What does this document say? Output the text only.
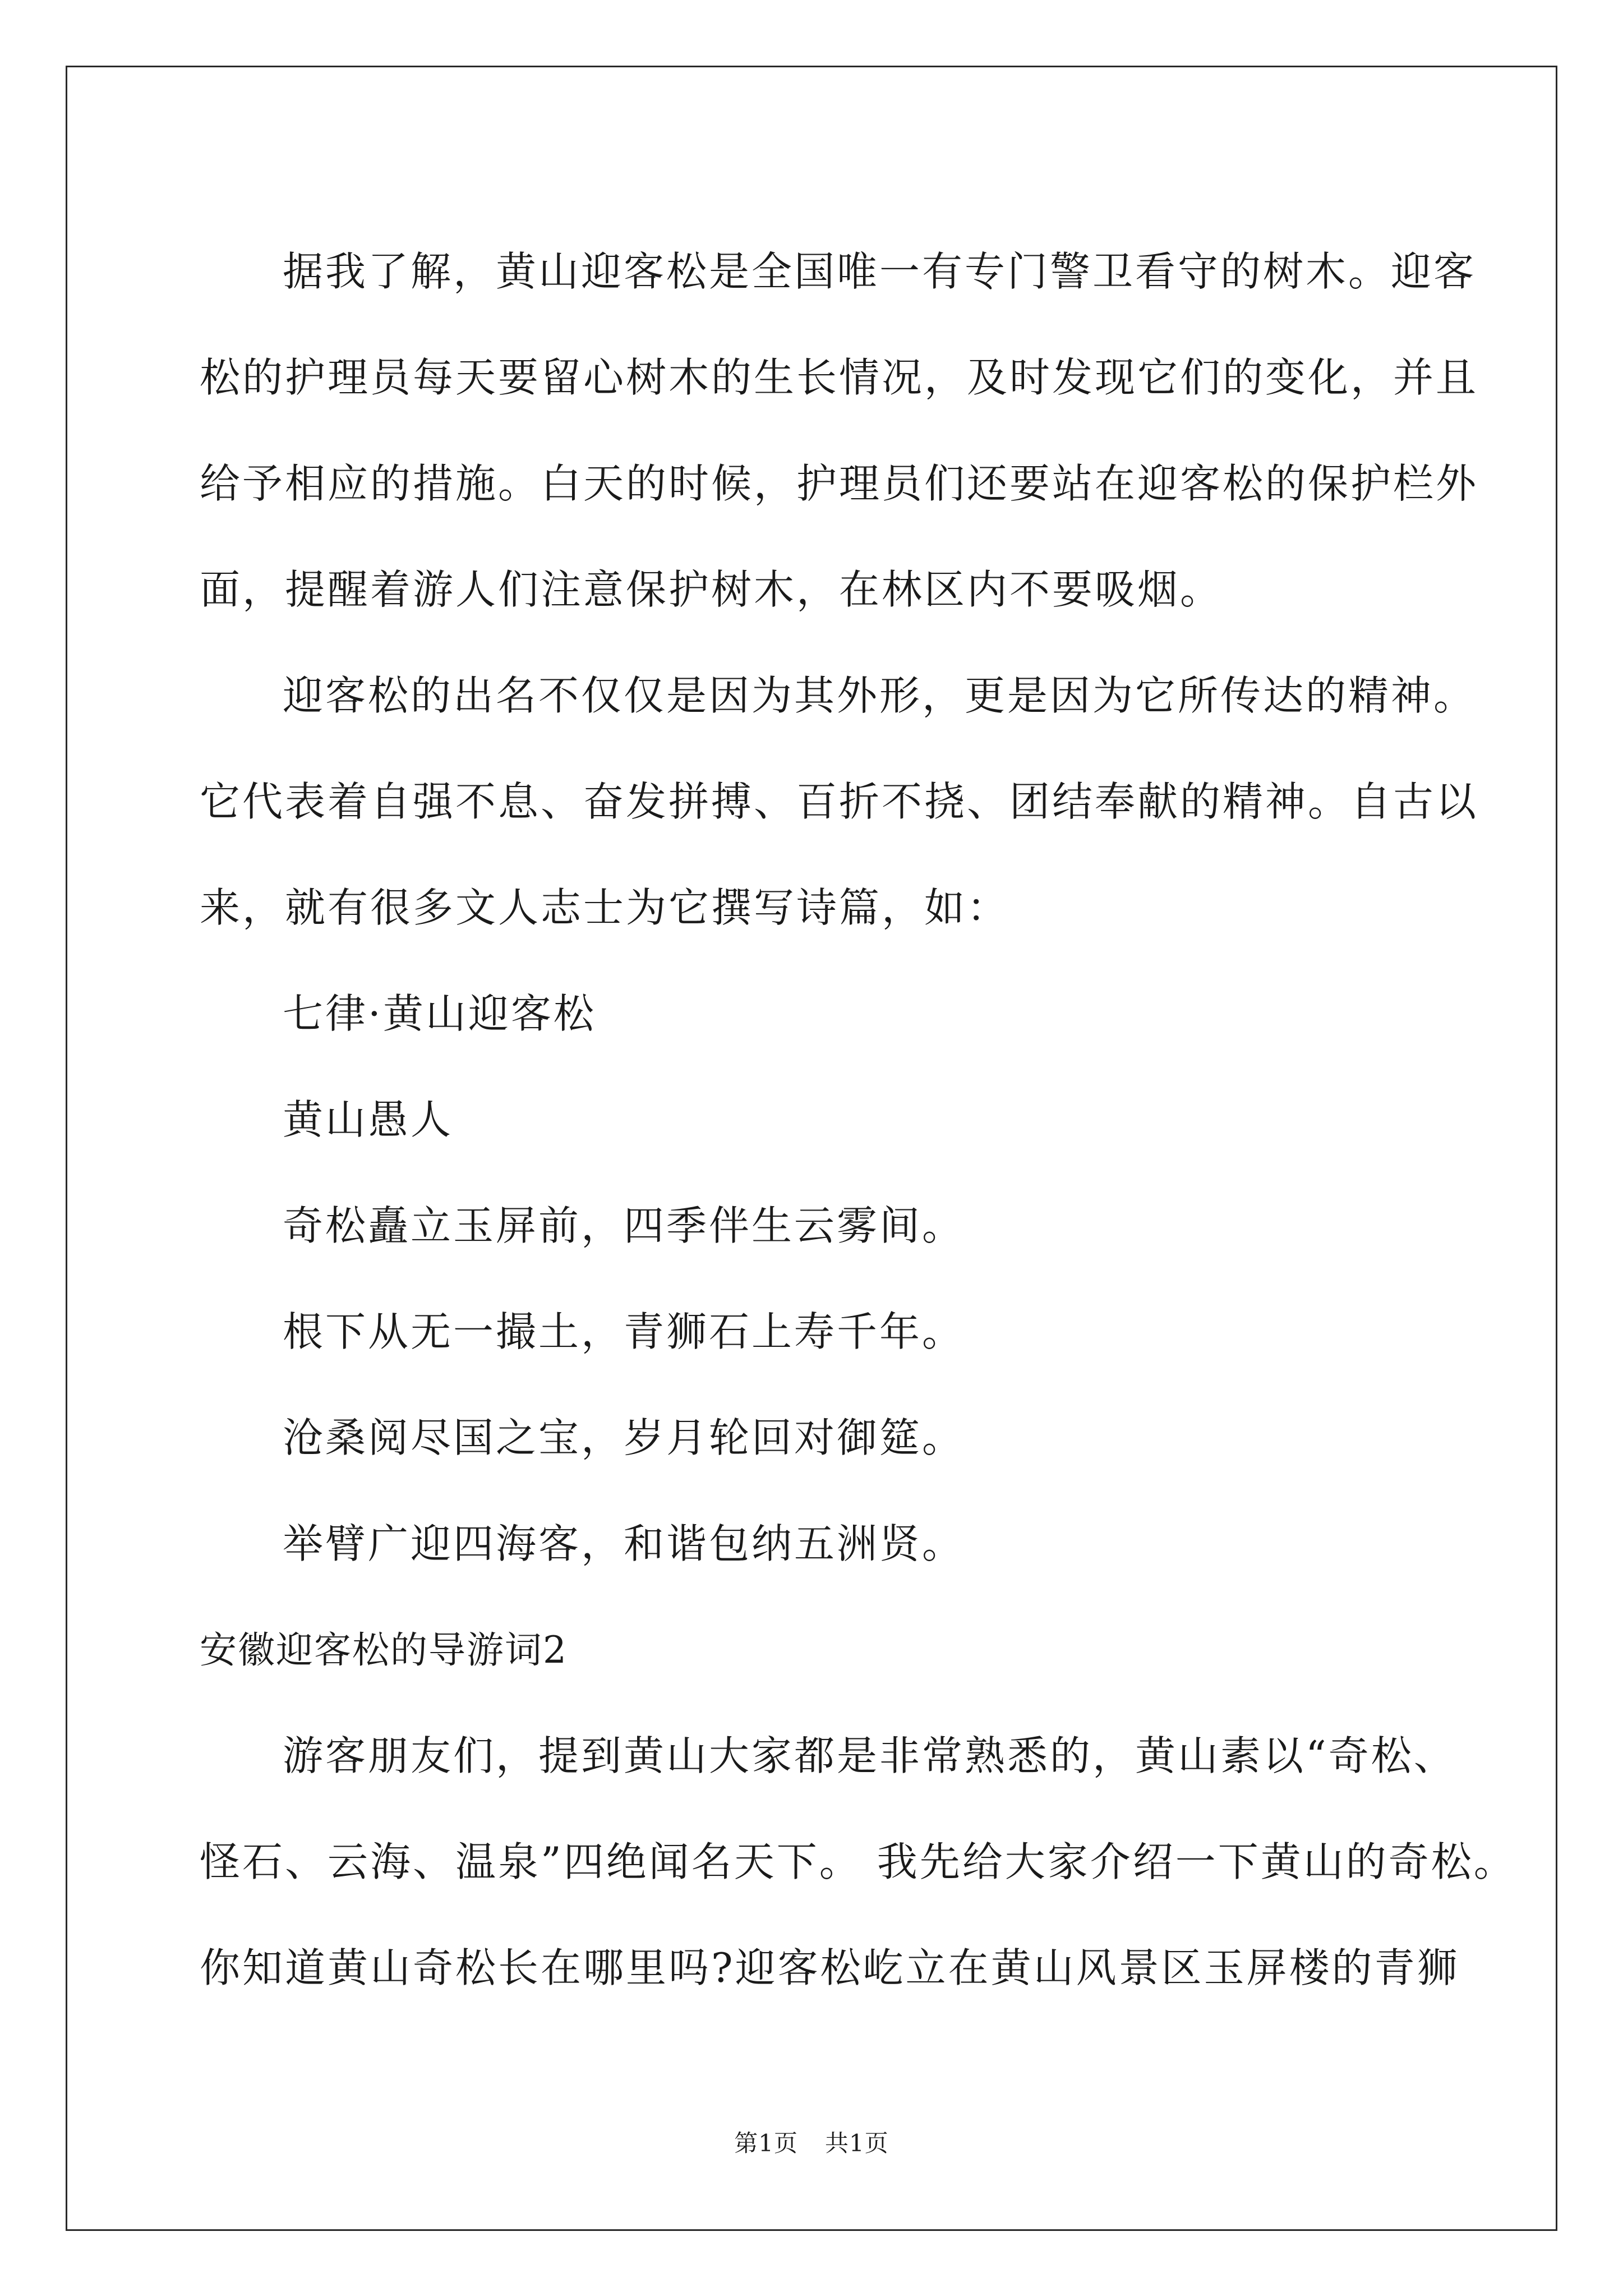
据我了解，黄山迎客松是全国唯一有专门警卫看守的树木。迎客
松的护理员每天要留心树木的生长情况，及时发现它们的变化，并且
给予相应的措施。白天的时候，护理员们还要站在迎客松的保护栏外
面，提醒着游人们注意保护树木，在林区内不要吸烟。

迎客松的出名不仅仅是因为其外形，更是因为它所传达的精神。
它代表着自强不息、奋发拼搏、百折不挠、团结奉献的精神。自古以
来，就有很多文人志士为它撰写诗篇，如：

七律·黄山迎客松

黄山愚人

奇松矗立玉屏前，四季伴生云雾间。

根下从无一撮土，青狮石上寿千年。

沧桑阅尽国之宝，岁月轮回对御筵。

举臂广迎四海客，和谐包纳五洲贤。

安徽迎客松的导游词2

游客朋友们，提到黄山大家都是非常熟悉的，黄山素以“奇松、
怪石、云海、温泉”四绝闻名天下。 我先给大家介绍一下黄山的奇松。
你知道黄山奇松长在哪里吗?迎客松屹立在黄山风景区玉屏楼的青狮

第1页 共1页
